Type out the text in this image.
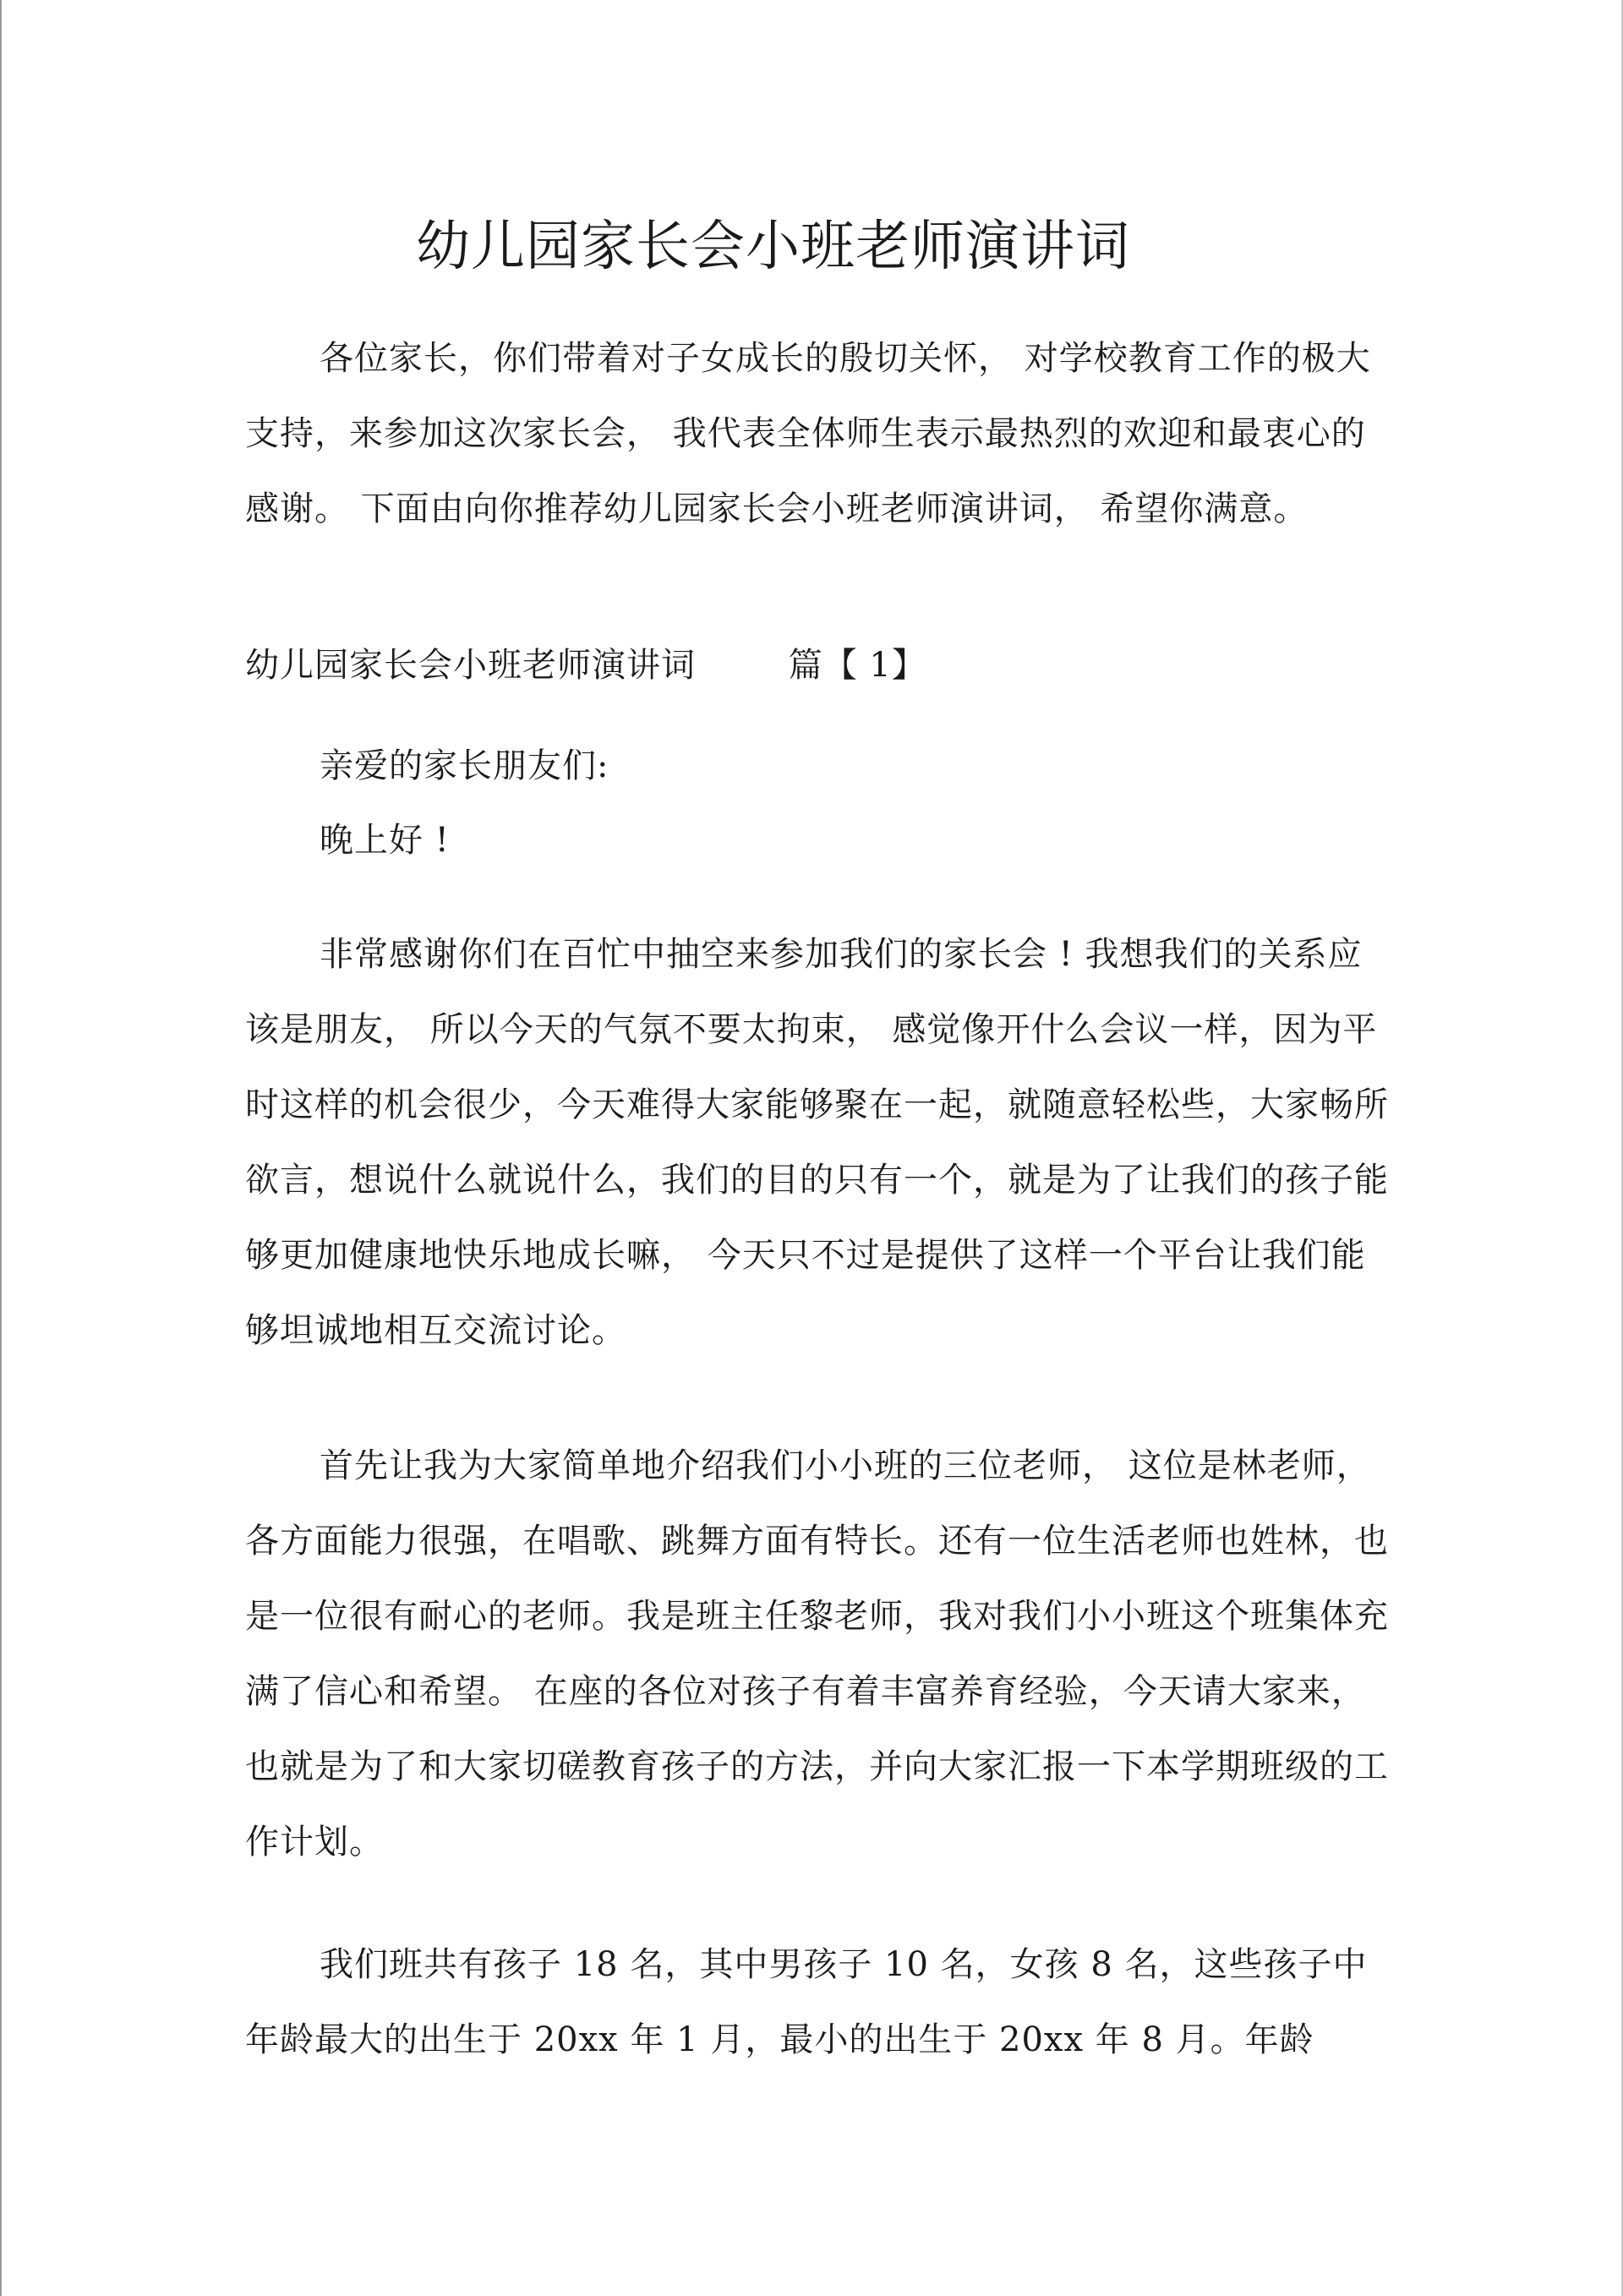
幼儿园家长会小班老师演讲词

各位家长，你们带着对子女成长的殷切关怀， 对学校教育工作的极大支持，来参加这次家长会， 我代表全体师生表示最热烈的欢迎和最衷心的感谢。 下面由向你推荐幼儿园家长会小班老师演讲词， 希望你满意。

幼儿园家长会小班老师演讲词        篇【 1】

亲爱的家长朋友们:

晚上好 !

非常感谢你们在百忙中抽空来参加我们的家长会 ! 我想我们的关系应该是朋友， 所以今天的气氛不要太拘束， 感觉像开什么会议一样，因为平时这样的机会很少，今天难得大家能够聚在一起，就随意轻松些，大家畅所欲言，想说什么就说什么，我们的目的只有一个，就是为了让我们的孩子能够更加健康地快乐地成长嘛， 今天只不过是提供了这样一个平台让我们能够坦诚地相互交流讨论。

首先让我为大家简单地介绍我们小小班的三位老师， 这位是林老师，各方面能力很强，在唱歌、跳舞方面有特长。还有一位生活老师也姓林，也是一位很有耐心的老师。我是班主任黎老师，我对我们小小班这个班集体充满了信心和希望。 在座的各位对孩子有着丰富养育经验，今天请大家来，也就是为了和大家切磋教育孩子的方法，并向大家汇报一下本学期班级的工作计划。

我们班共有孩子 18 名，其中男孩子 10 名，女孩 8 名，这些孩子中年龄最大的出生于 20xx 年 1 月，最小的出生于 20xx 年 8 月。年龄
